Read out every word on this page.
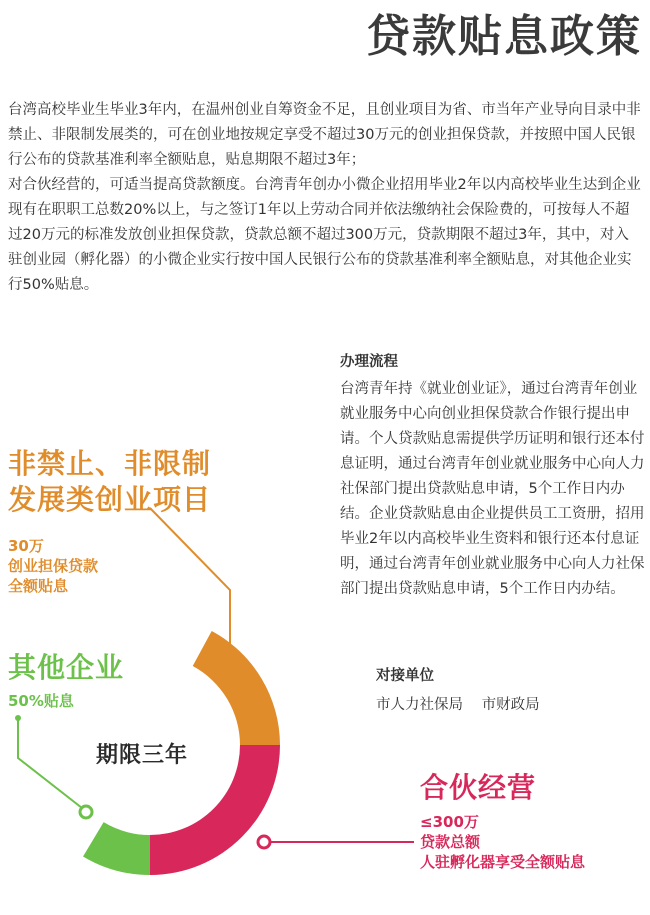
贷款贴息政策

台湾高校毕业生毕业3年内，在温州创业自筹资金不足，且创业项目为省、市当年产业导向目录中非禁止、非限制发展类的，可在创业地按规定享受不超过30万元的创业担保贷款，并按照中国人民银行公布的贷款基准利率全额贴息，贴息期限不超过3年；

对合伙经营的，可适当提高贷款额度。台湾青年创办小微企业招用毕业2年以内高校毕业生达到企业现有在职职工总数20%以上，与之签订1年以上劳动合同并依法缴纳社会保险费的，可按每人不超过20万元的标准发放创业担保贷款，贷款总额不超过300万元，贷款期限不超过3年，其中，对入驻创业园（孵化器）的小微企业实行按中国人民银行公布的贷款基准利率全额贴息，对其他企业实行50%贴息。

办理流程

台湾青年持《就业创业证》，通过台湾青年创业就业服务中心向创业担保贷款合作银行提出申请。个人贷款贴息需提供学历证明和银行还本付息证明，通过台湾青年创业就业服务中心向人力社保部门提出贷款贴息申请，5个工作日内办结。企业贷款贴息由企业提供员工工资册，招用毕业2年以内高校毕业生资料和银行还本付息证明，通过台湾青年创业就业服务中心向人力社保部门提出贷款贴息申请，5个工作日内办结。

对接单位
市人力社保局 市财政局
期限三年
非禁止、非限制
发展类创业项目
30万
创业担保贷款
全额贴息
其他企业
50%贴息
合伙经营
≤300万
贷款总额
人驻孵化器享受全额贴息
